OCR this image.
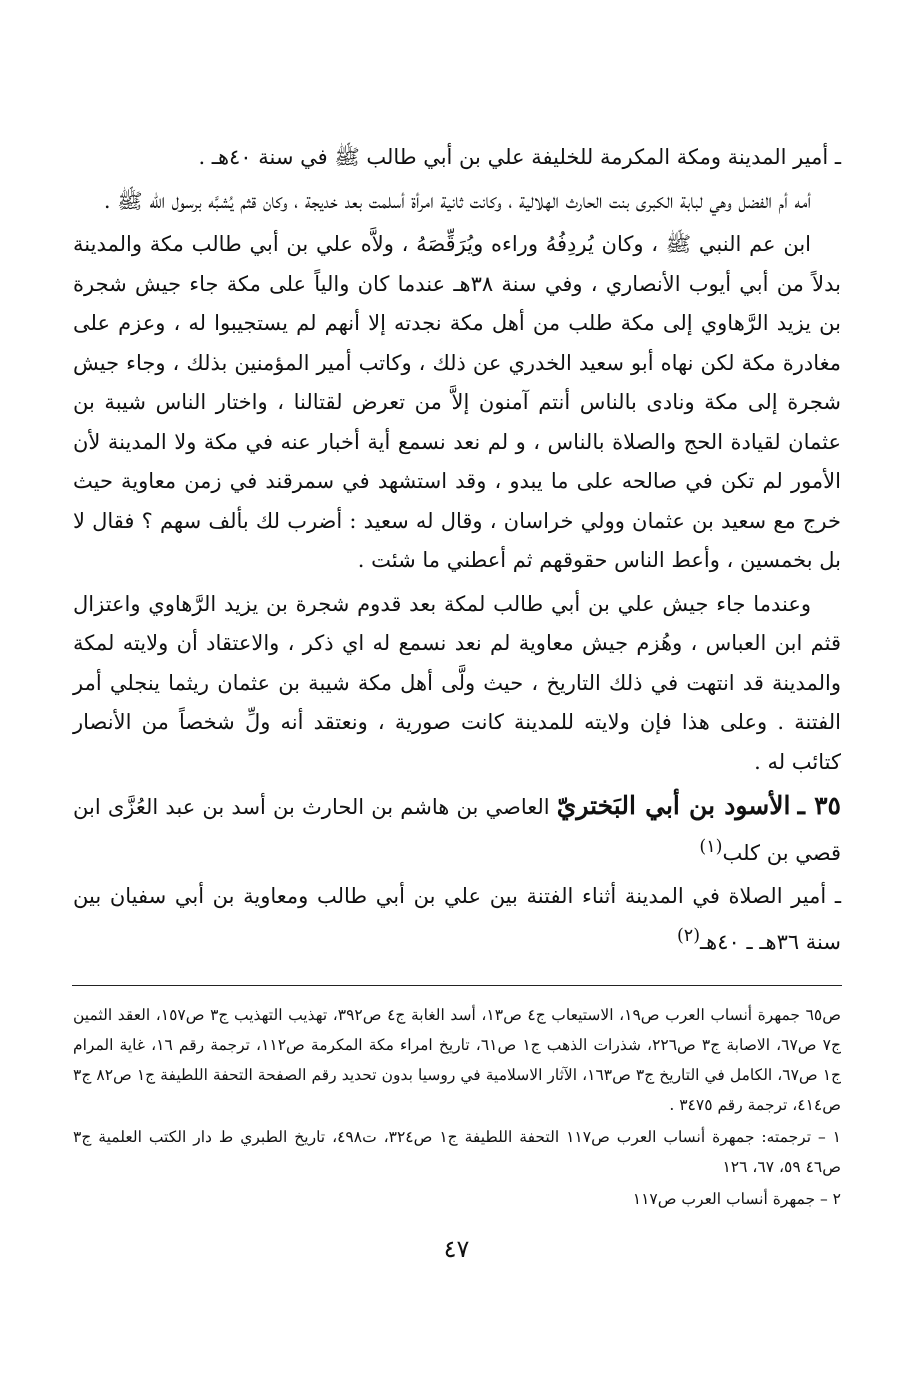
ـ أمير المدينة ومكة المكرمة للخليفة علي بن أبي طالب ﷺ في سنة ٤٠هـ .

أمه أم الفضل وهي لبابة الكبرى بنت الحارث الهلالية ، وكانت ثانية امرأة أسلمت بعد خديجة ، وكان قثم يُشبَّه برسول الله ﷺ .

ابن عم النبي ﷺ ، وكان يُردِفُهُ وراءه ويُرَقِّصَهُ ، ولاَّه علي بن أبي طالب مكة والمدينة بدلاً من أبي أيوب الأنصاري ، وفي سنة ٣٨هـ عندما كان والياً على مكة جاء جيش شجرة بن يزيد الرَّهاوي إلى مكة طلب من أهل مكة نجدته إلا أنهم لم يستجيبوا له ، وعزم على مغادرة مكة لكن نهاه أبو سعيد الخدري عن ذلك ، وكاتب أمير المؤمنين بذلك ، وجاء جيش شجرة إلى مكة ونادى بالناس أنتم آمنون إلاَّ من تعرض لقتالنا ، واختار الناس شيبة بن عثمان لقيادة الحج والصلاة بالناس ، و لم نعد نسمع أية أخبار عنه في مكة ولا المدينة لأن الأمور لم تكن في صالحه على ما يبدو ، وقد استشهد في سمرقند في زمن معاوية حيث خرج مع سعيد بن عثمان وولي خراسان ، وقال له سعيد : أضرب لك بألف سهم ؟ فقال لا بل بخمسين ، وأعط الناس حقوقهم ثم أعطني ما شئت .

وعندما جاء جيش علي بن أبي طالب لمكة بعد قدوم شجرة بن يزيد الرَّهاوي واعتزال قثم ابن العباس ، وهُزم جيش معاوية لم نعد نسمع له اي ذكر ، والاعتقاد أن ولايته لمكة والمدينة قد انتهت في ذلك التاريخ ، حيث ولَّى أهل مكة شيبة بن عثمان ريثما ينجلي أمر الفتنة . وعلى هذا فإن ولايته للمدينة كانت صورية ، ونعتقد أنه ولِّ شخصاً من الأنصار كتائب له .

٣٥ ـ الأسود بن أبي البَختريّ العاصي بن هاشم بن الحارث بن أسد بن عبد العُزَّى ابن قصي بن كلب$^{(١)}$

ـ أمير الصلاة في المدينة أثناء الفتنة بين علي بن أبي طالب ومعاوية بن أبي سفيان بين سنة ٣٦هـ ـ ٤٠هـ$^{(٢)}$

ص٦٥ جمهرة أنساب العرب ص١٩، الاستيعاب ج٤ ص١٣، أسد الغابة ج٤ ص٣٩٢، تهذيب التهذيب ج٣ ص١٥٧، العقد الثمين ج٧ ص٦٧، الاصابة ج٣ ص٢٢٦، شذرات الذهب ج١ ص٦١، تاريخ امراء مكة المكرمة ص١١٢، ترجمة رقم ١٦، غاية المرام ج١ ص٦٧، الكامل في التاريخ ج٣ ص١٦٣، الآثار الاسلامية في روسيا بدون تحديد رقم الصفحة التحفة اللطيفة ج١ ص٨٢ ج٣ ص٤١٤، ترجمة رقم ٣٤٧٥ .

١ – ترجمته: جمهرة أنساب العرب ص١١٧ التحفة اللطيفة ج١ ص٣٢٤، ت٤٩٨، تاريخ الطبري ط دار الكتب العلمية ج٣ ص٤٦ ٥٩، ٦٧، ١٢٦

٢ – جمهرة أنساب العرب ص١١٧

٤٧
